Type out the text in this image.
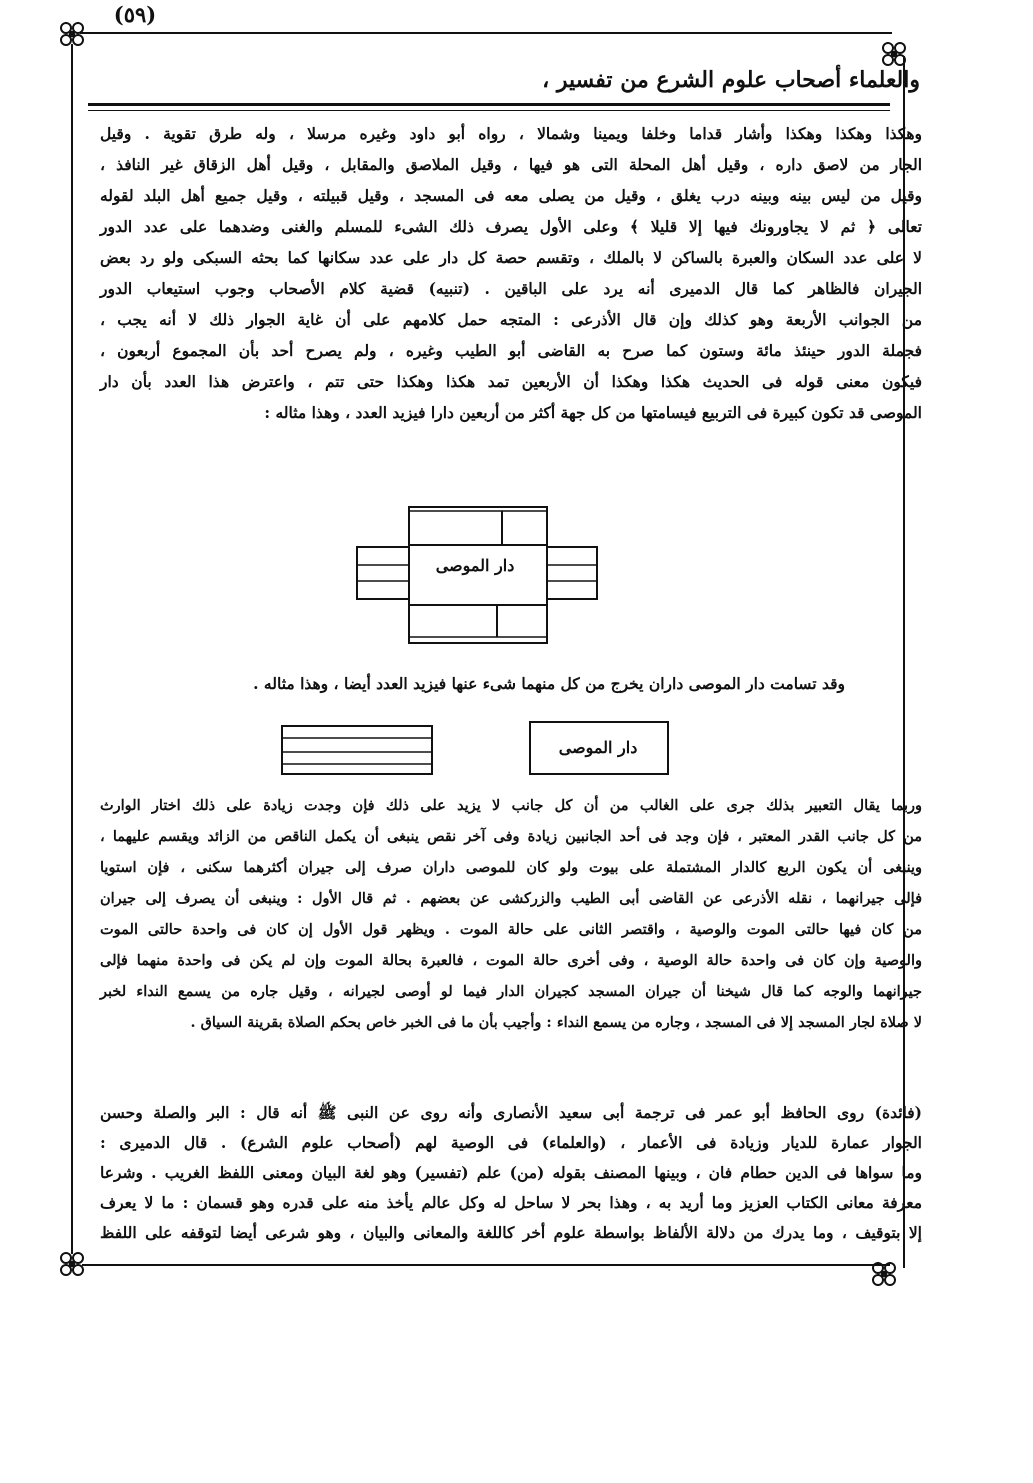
(٥٩)
والعلماء أصحاب علوم الشرع من تفسير ،

وهكذا وهكذا وهكذا وأشار قداما وخلفا ويمينا وشمالا ، رواه أبو داود وغيره مرسلا ، وله طرق تقوية . وقيل

الجار من لاصق داره ، وقيل أهل المحلة التى هو فيها ، وقيل الملاصق والمقابل ، وقيل أهل الزقاق غير النافذ ،

وقيل من ليس بينه وبينه درب يغلق ، وقيل من يصلى معه فى المسجد ، وقيل قبيلته ، وقيل جميع أهل البلد لقوله

تعالى ﴿ ثم لا يجاورونك فيها إلا قليلا ﴾ وعلى الأول يصرف ذلك الشىء للمسلم والغنى وضدهما على عدد الدور

لا على عدد السكان والعبرة بالساكن لا بالملك ، وتقسم حصة كل دار على عدد سكانها كما بحثه السبكى ولو رد بعض

الجيران فالظاهر كما قال الدميرى أنه يرد على الباقين . (تنبيه) قضية كلام الأصحاب وجوب استيعاب الدور

من الجوانب الأربعة وهو كذلك وإن قال الأذرعى : المتجه حمل كلامهم على أن غاية الجوار ذلك لا أنه يجب ،

فجملة الدور حينئذ مائة وستون كما صرح به القاضى أبو الطيب وغيره ، ولم يصرح أحد بأن المجموع أربعون ،

فيكون معنى قوله فى الحديث هكذا وهكذا أن الأربعين تمد هكذا وهكذا حتى تتم ، واعترض هذا العدد بأن دار

الموصى قد تكون كبيرة فى التربيع فيسامتها من كل جهة أكثر من أربعين دارا فيزيد العدد ، وهذا مثاله :

دار الموصى
وقد تسامت دار الموصى داران يخرج من كل منهما شىء عنها فيزيد العدد أيضا ، وهذا مثاله .
دار الموصى

وربما يقال التعبير بذلك جرى على الغالب من أن كل جانب لا يزيد على ذلك فإن وجدت زيادة على ذلك اختار الوارث

من كل جانب القدر المعتبر ، فإن وجد فى أحد الجانبين زيادة وفى آخر نقص ينبغى أن يكمل الناقص من الزائد ويقسم عليهما ،

وينبغى أن يكون الربع كالدار المشتملة على بيوت ولو كان للموصى داران صرف إلى جيران أكثرهما سكنى ، فإن استويا

فإلى جيرانهما ، نقله الأذرعى عن القاضى أبى الطيب والزركشى عن بعضهم . ثم قال الأول : وينبغى أن يصرف إلى جيران

من كان فيها حالتى الموت والوصية ، واقتصر الثانى على حالة الموت . ويظهر قول الأول إن كان فى واحدة حالتى الموت

والوصية وإن كان فى واحدة حالة الوصية ، وفى أخرى حالة الموت ، فالعبرة بحالة الموت وإن لم يكن فى واحدة منهما فإلى

جيرانهما والوجه كما قال شيخنا أن جيران المسجد كجيران الدار فيما لو أوصى لجيرانه ، وقيل جاره من يسمع النداء لخبر

لا صلاة لجار المسجد إلا فى المسجد ، وجاره من يسمع النداء : وأجيب بأن ما فى الخبر خاص بحكم الصلاة بقرينة السياق .

(فائدة) روى الحافظ أبو عمر فى ترجمة أبى سعيد الأنصارى وأنه روى عن النبى ﷺ أنه قال : البر والصلة وحسن

الجوار عمارة للديار وزيادة فى الأعمار ، (والعلماء) فى الوصية لهم (أصحاب علوم الشرع) . قال الدميرى :

وما سواها فى الدين حطام فان ، وبينها المصنف بقوله (من) علم (تفسير) وهو لغة البيان ومعنى اللفظ الغريب . وشرعا

معرفة معانى الكتاب العزيز وما أريد به ، وهذا بحر لا ساحل له وكل عالم يأخذ منه على قدره وهو قسمان : ما لا يعرف

إلا بتوقيف ، وما يدرك من دلالة الألفاظ بواسطة علوم أخر كاللغة والمعانى والبيان ، وهو شرعى أيضا لتوقفه على اللفظ
